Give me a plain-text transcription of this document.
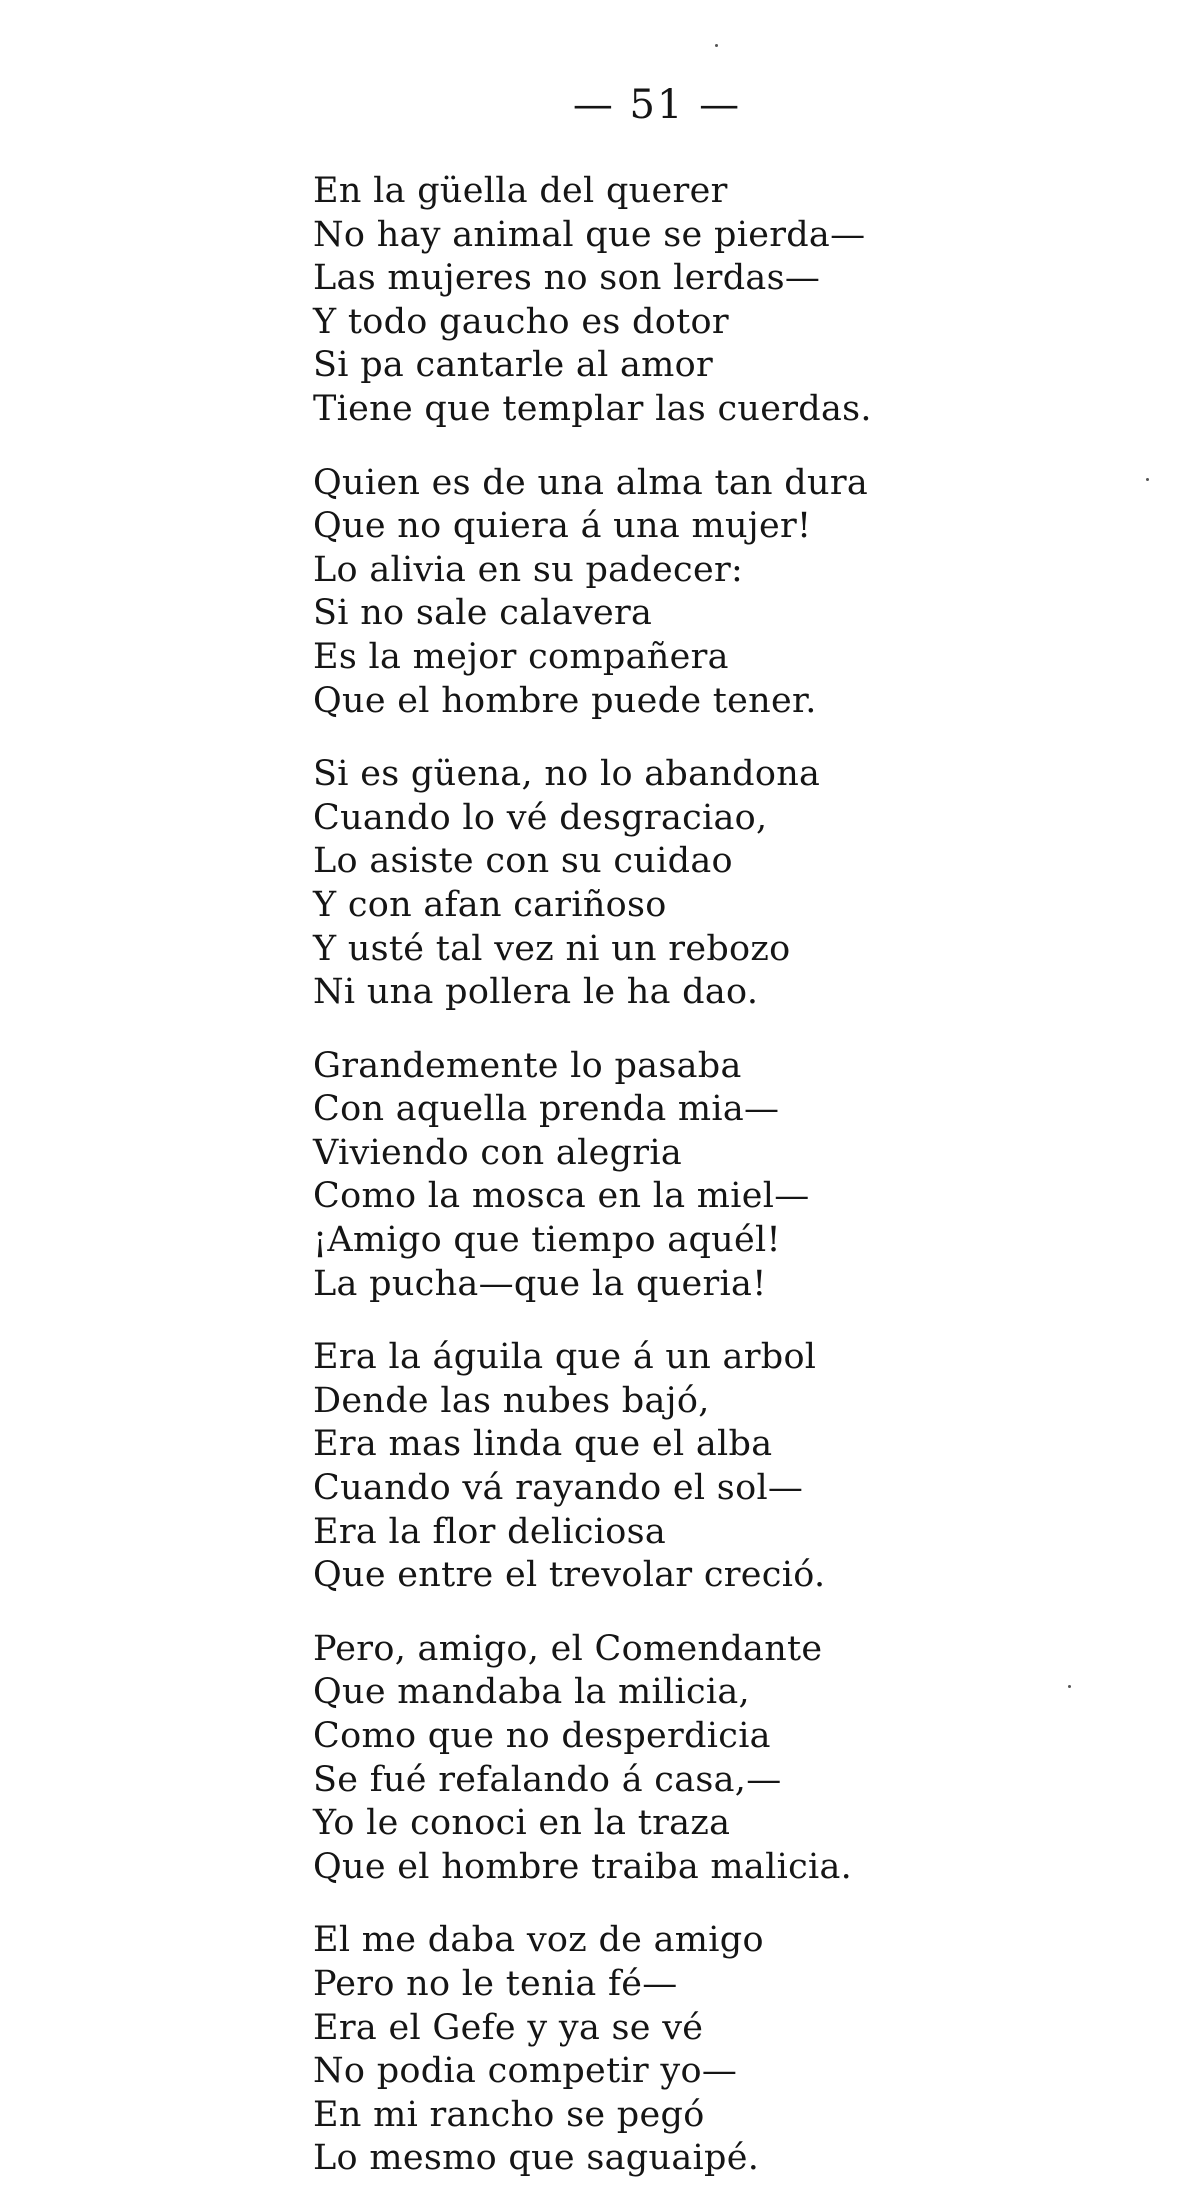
— 51 —
En la güella del querer
No hay animal que se pierda—
Las mujeres no son lerdas—
Y todo gaucho es dotor
Si pa cantarle al amor
Tiene que templar las cuerdas.
Quien es de una alma tan dura
Que no quiera á una mujer!
Lo alivia en su padecer:
Si no sale calavera
Es la mejor compañera
Que el hombre puede tener.
Si es güena, no lo abandona
Cuando lo vé desgraciao,
Lo asiste con su cuidao
Y con afan cariñoso
Y usté tal vez ni un rebozo
Ni una pollera le ha dao.
Grandemente lo pasaba
Con aquella prenda mia—
Viviendo con alegria
Como la mosca en la miel—
¡Amigo que tiempo aquél!
La pucha—que la queria!
Era la águila que á un arbol
Dende las nubes bajó,
Era mas linda que el alba
Cuando vá rayando el sol—
Era la flor deliciosa
Que entre el trevolar creció.
Pero, amigo, el Comendante
Que mandaba la milicia,
Como que no desperdicia
Se fué refalando á casa,—
Yo le conoci en la traza
Que el hombre traiba malicia.
El me daba voz de amigo
Pero no le tenia fé—
Era el Gefe y ya se vé
No podia competir yo—
En mi rancho se pegó
Lo mesmo que saguaipé.
